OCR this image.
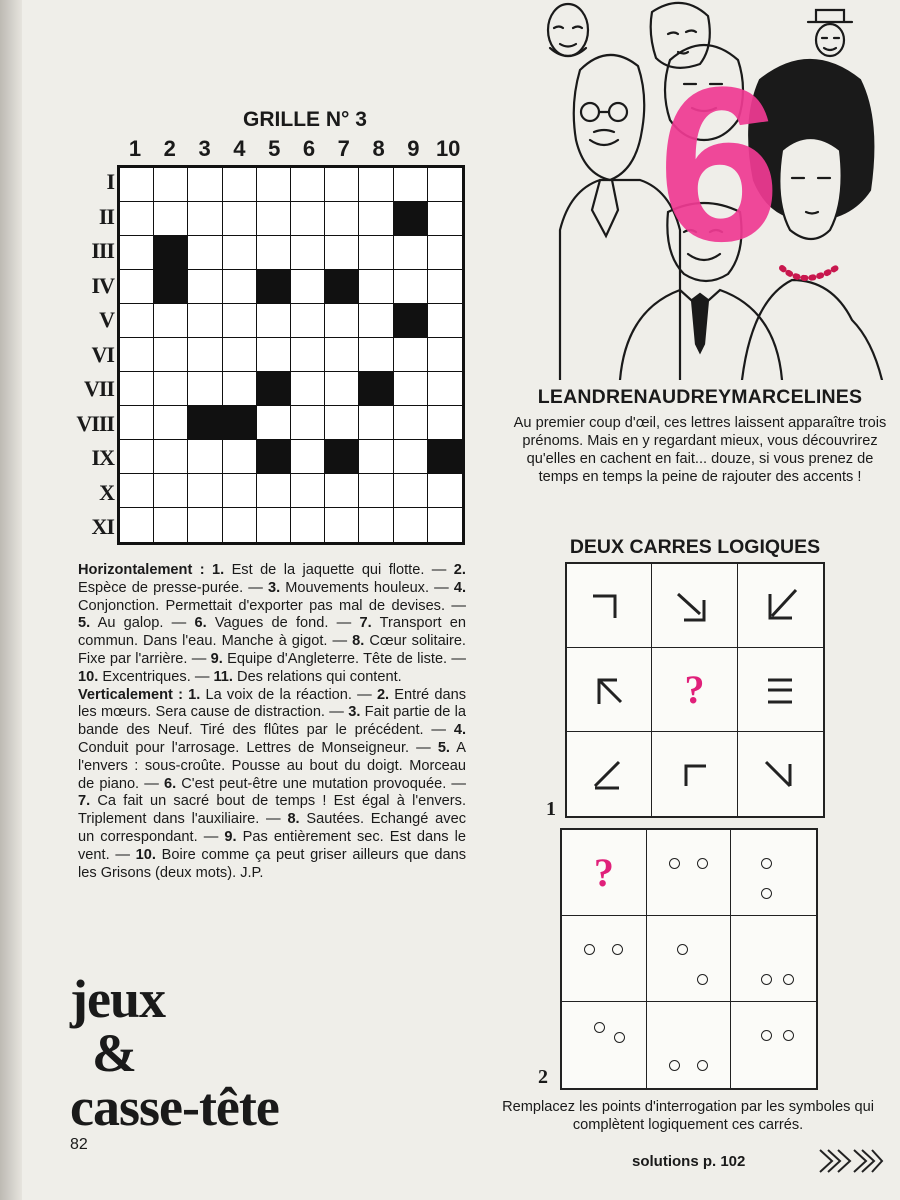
GRILLE N° 3
1	2	3	4	5	6	7	8	9 10
I
II
III
IV
V
VI
VII
VIII
IX
X
XI
Horizontalement : 1. Est de la jaquette qui flotte. — 2. Espèce de presse-purée. — 3. Mouvements houleux. — 4. Conjonction. Permettait d'exporter pas mal de devises. — 5. Au galop. — 6. Vagues de fond. — 7. Transport en commun. Dans l'eau. Manche à gigot. — 8. Cœur solitaire. Fixe par l'arrière. — 9. Equipe d'Angleterre. Tête de liste. — 10. Excentriques. — 11. Des relations qui content.
Verticalement : 1. La voix de la réaction. — 2. Entré dans les mœurs. Sera cause de distraction. — 3. Fait partie de la bande des Neuf. Tiré des flûtes par le précédent. — 4. Conduit pour l'arrosage. Lettres de Monseigneur. — 5. A l'envers : sous-croûte. Pousse au bout du doigt. Morceau de piano. — 6. C'est peut-être une mutation provoquée. — 7. Ca fait un sacré bout de temps ! Est égal à l'envers. Triplement dans l'auxiliaire. — 8. Sautées. Echangé avec un correspondant. — 9. Pas entièrement sec. Est dans le vent. — 10. Boire comme ça peut griser ailleurs que dans les Grisons (deux mots). J.P.
jeux
&
casse-tête
82
6
LEANDRENAUDREYMARCELINES
Au premier coup d'œil, ces lettres laissent apparaître trois prénoms. Mais en y regardant mieux, vous découvrirez qu'elles en cachent en fait... douze, si vous prenez de temps en temps la peine de rajouter des accents !
DEUX CARRES LOGIQUES
?
1
?
2
Remplacez les points d'interrogation par les symboles qui complètent logiquement ces carrés.
solutions p. 102
